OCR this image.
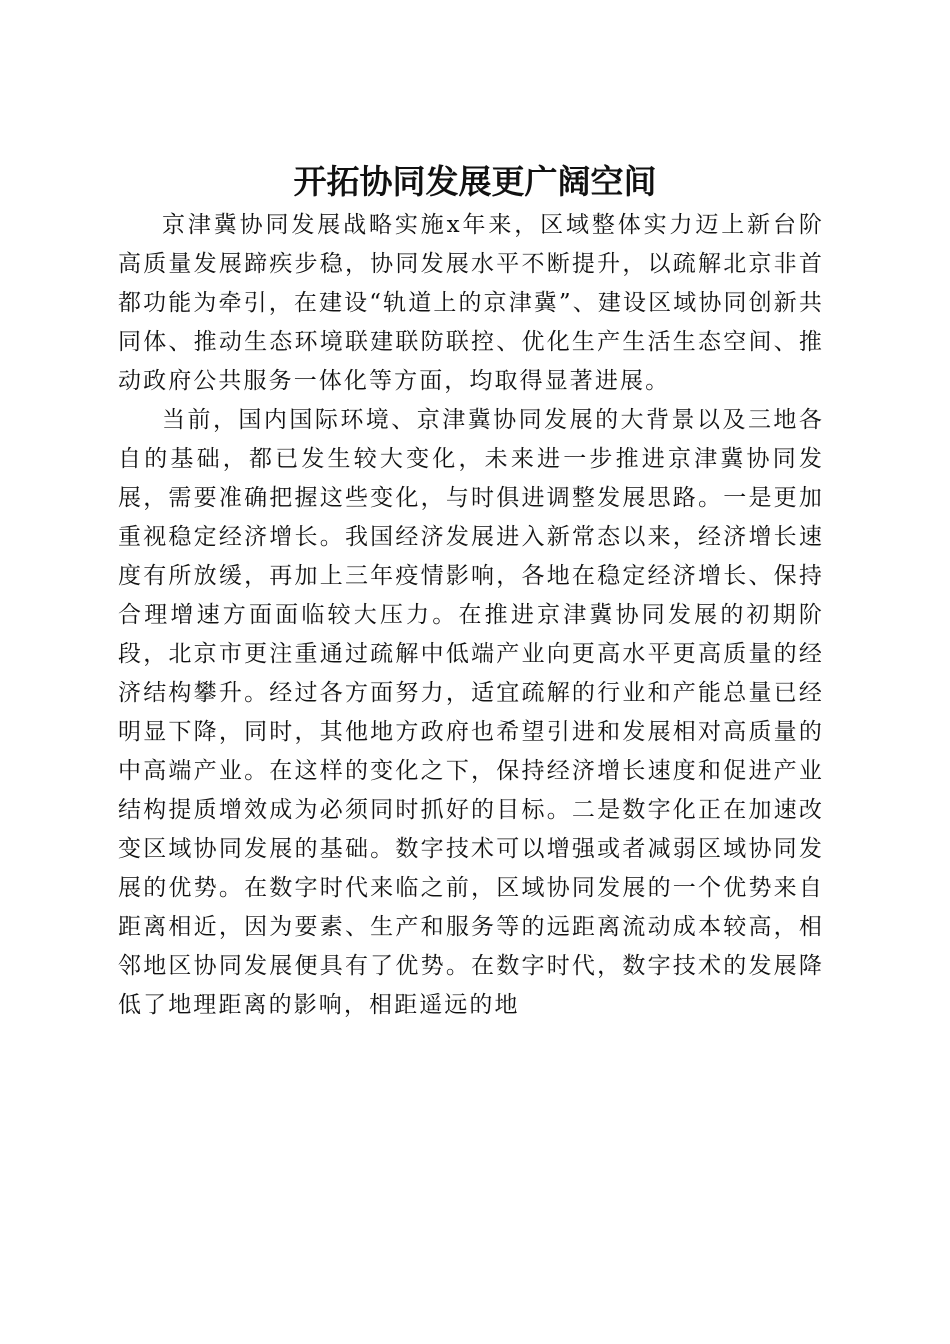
开拓协同发展更广阔空间

京津冀协同发展战略实施x年来，区域整体实力迈上新台阶高质量发展蹄疾步稳，协同发展水平不断提升，以疏解北京非首都功能为牵引，在建设“轨道上的京津冀”、建设区域协同创新共同体、推动生态环境联建联防联控、优化生产生活生态空间、推动政府公共服务一体化等方面，均取得显著进展。

当前，国内国际环境、京津冀协同发展的大背景以及三地各自的基础，都已发生较大变化，未来进一步推进京津冀协同发展，需要准确把握这些变化，与时俱进调整发展思路。一是更加重视稳定经济增长。我国经济发展进入新常态以来，经济增长速度有所放缓，再加上三年疫情影响，各地在稳定经济增长、保持合理增速方面面临较大压力。在推进京津冀协同发展的初期阶段，北京市更注重通过疏解中低端产业向更高水平更高质量的经济结构攀升。经过各方面努力，适宜疏解的行业和产能总量已经明显下降，同时，其他地方政府也希望引进和发展相对高质量的中高端产业。在这样的变化之下，保持经济增长速度和促进产业结构提质增效成为必须同时抓好的目标。二是数字化正在加速改变区域协同发展的基础。数字技术可以增强或者减弱区域协同发展的优势。在数字时代来临之前，区域协同发展的一个优势来自距离相近，因为要素、生产和服务等的远距离流动成本较高，相邻地区协同发展便具有了优势。在数字时代，数字技术的发展降低了地理距离的影响，相距遥远的地
